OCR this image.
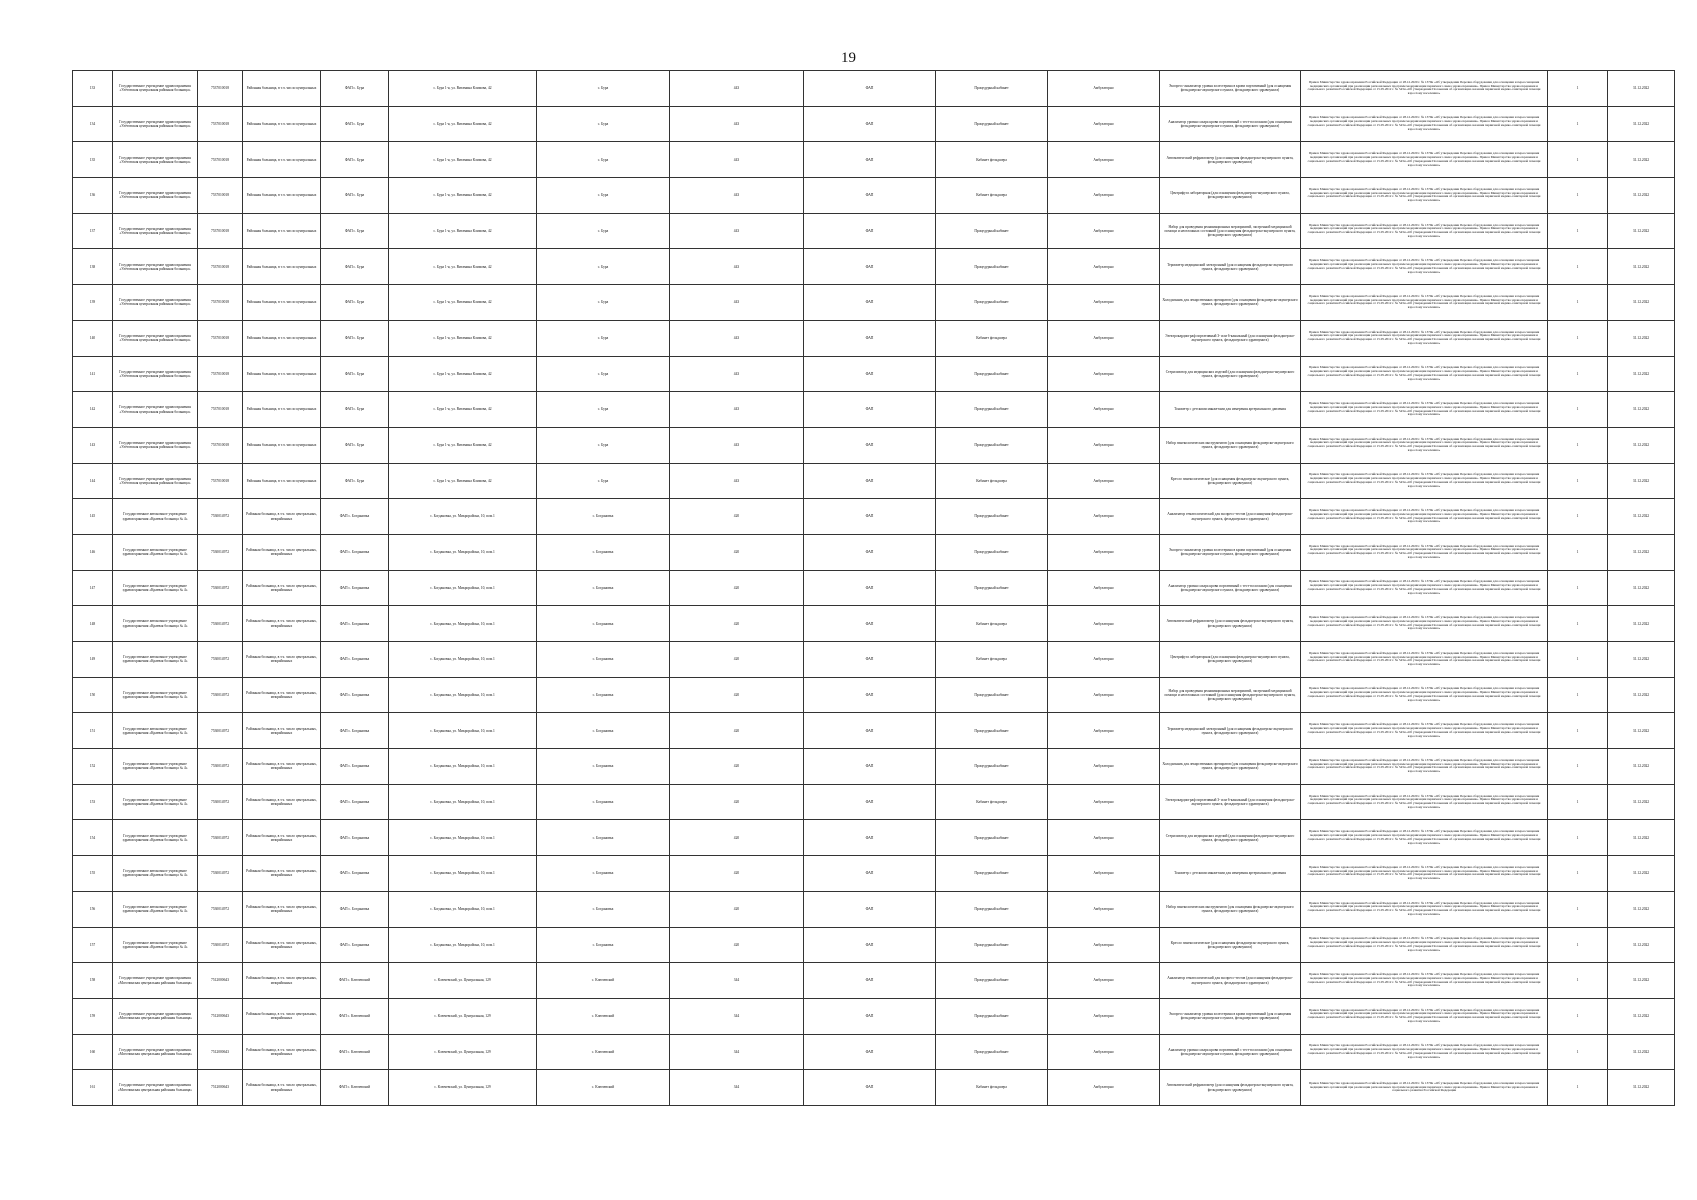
19
133	Государственное учреждение здравоохранения «Улётовская центральная районная больница»	7537010018	Районная больница, в т.ч. число центральных	ФАП с. Бура	с. Бура 1-я, ул. Витамина Климова, 42	с. Бура	443	ФАП	Процедурный кабинет	Амбулаторно	Экспресс-анализатор уровня холестерина в крови портативный (для оснащения фельдшерско-акушерского пункта, фельдшерского здравпункта)	Приказ Министерства здравоохранения Российской Федерации от 28.12.2020 г. № 1379н «Об утверждении Перечня оборудования для оснащения и переоснащения медицинских организаций при реализации региональных программ модернизации первичного звена здравоохранения». Приказ Министерства здравоохранения и социального развития Российской Федерации от 15.05.2012 г. № 543н «Об утверждении Положения об организации оказания первичной медико-санитарной помощи взрослому населению»	1	31.12.2022
134	Государственное учреждение здравоохранения «Улётовская центральная районная больница»	7537010018	Районная больница, в т.ч. число центральных	ФАП с. Бура	с. Бура 1-я, ул. Витамина Климова, 42	с. Бура	443	ФАП	Процедурный кабинет	Амбулаторно	Анализатор уровня сахара крови портативный с тест-полосками (для оснащения фельдшерско-акушерского пункта, фельдшерского здравпункта)	Приказ Министерства здравоохранения Российской Федерации от 28.12.2020 г. № 1379н «Об утверждении Перечня оборудования для оснащения и переоснащения медицинских организаций при реализации региональных программ модернизации первичного звена здравоохранения». Приказ Министерства здравоохранения и социального развития Российской Федерации от 15.05.2012 г. № 543н «Об утверждении Положения об организации оказания первичной медико-санитарной помощи взрослому населению»	1	31.12.2022
135	Государственное учреждение здравоохранения «Улётовская центральная районная больница»	7537010018	Районная больница, в т.ч. число центральных	ФАП с. Бура	с. Бура 1-я, ул. Витамина Климова, 42	с. Бура	443	ФАП	Кабинет фельдшера	Амбулаторно	Автоматический рефрактометр (для оснащения фельдшерско-акушерского пункта, фельдшерского здравпункта)	Приказ Министерства здравоохранения Российской Федерации от 28.12.2020 г. № 1379н «Об утверждении Перечня оборудования для оснащения и переоснащения медицинских организаций при реализации региональных программ модернизации первичного звена здравоохранения». Приказ Министерства здравоохранения и социального развития Российской Федерации от 15.05.2012 г. № 543н «Об утверждении Положения об организации оказания первичной медико-санитарной помощи взрослому населению»	1	31.12.2022
136	Государственное учреждение здравоохранения «Улётовская центральная районная больница»	7537010018	Районная больница, в т.ч. число центральных	ФАП с. Бура	с. Бура 1-я, ул. Витамина Климова, 42	с. Бура	443	ФАП	Кабинет фельдшера	Амбулаторно	Центрифуга лабораторная (для оснащения фельдшерско-акушерского пункта, фельдшерского здравпункта)	Приказ Министерства здравоохранения Российской Федерации от 28.12.2020 г. № 1379н «Об утверждении Перечня оборудования для оснащения и переоснащения медицинских организаций при реализации региональных программ модернизации первичного звена здравоохранения». Приказ Министерства здравоохранения и социального развития Российской Федерации от 15.05.2012 г. № 543н «Об утверждении Положения об организации оказания первичной медико-санитарной помощи взрослому населению»	1	31.12.2022
137	Государственное учреждение здравоохранения «Улётовская центральная районная больница»	7537010018	Районная больница, в т.ч. число центральных	ФАП с. Бура	с. Бура 1-я, ул. Витамина Климова, 42	с. Бура	443	ФАП	Процедурный кабинет	Амбулаторно	Набор для проведения реанимационных мероприятий, экстренной медицинской помощи и неотложных состояний (для оснащения фельдшерско-акушерского пункта, фельдшерского здравпункта)	Приказ Министерства здравоохранения Российской Федерации от 28.12.2020 г. № 1379н «Об утверждении Перечня оборудования для оснащения и переоснащения медицинских организаций при реализации региональных программ модернизации первичного звена здравоохранения». Приказ Министерства здравоохранения и социального развития Российской Федерации от 15.05.2012 г. № 543н «Об утверждении Положения об организации оказания первичной медико-санитарной помощи взрослому населению»	1	31.12.2022
138	Государственное учреждение здравоохранения «Улётовская центральная районная больница»	7537010018	Районная больница, в т.ч. число центральных	ФАП с. Бура	с. Бура 1-я, ул. Витамина Климова, 42	с. Бура	443	ФАП	Процедурный кабинет	Амбулаторно	Термометр медицинский электронный (для оснащения фельдшерско-акушерского пункта, фельдшерского здравпункта)	Приказ Министерства здравоохранения Российской Федерации от 28.12.2020 г. № 1379н «Об утверждении Перечня оборудования для оснащения и переоснащения медицинских организаций при реализации региональных программ модернизации первичного звена здравоохранения». Приказ Министерства здравоохранения и социального развития Российской Федерации от 15.05.2012 г. № 543н «Об утверждении Положения об организации оказания первичной медико-санитарной помощи взрослому населению»	1	31.12.2022
139	Государственное учреждение здравоохранения «Улётовская центральная районная больница»	7537010018	Районная больница, в т.ч. число центральных	ФАП с. Бура	с. Бура 1-я, ул. Витамина Климова, 42	с. Бура	443	ФАП	Процедурный кабинет	Амбулаторно	Холодильник для лекарственных препаратов (для оснащения фельдшерско-акушерского пункта, фельдшерского здравпункта)	Приказ Министерства здравоохранения Российской Федерации от 28.12.2020 г. № 1379н «Об утверждении Перечня оборудования для оснащения и переоснащения медицинских организаций при реализации региональных программ модернизации первичного звена здравоохранения». Приказ Министерства здравоохранения и социального развития Российской Федерации от 15.05.2012 г. № 543н «Об утверждении Положения об организации оказания первичной медико-санитарной помощи взрослому населению»	1	31.12.2022
140	Государственное учреждение здравоохранения «Улётовская центральная районная больница»	7537010018	Районная больница, в т.ч. число центральных	ФАП с. Бура	с. Бура 1-я, ул. Витамина Климова, 42	с. Бура	443	ФАП	Кабинет фельдшера	Амбулаторно	Электрокардиограф портативный 3- или 6-канальный (для оснащения фельдшерско-акушерского пункта, фельдшерского здравпункта)	Приказ Министерства здравоохранения Российской Федерации от 28.12.2020 г. № 1379н «Об утверждении Перечня оборудования для оснащения и переоснащения медицинских организаций при реализации региональных программ модернизации первичного звена здравоохранения». Приказ Министерства здравоохранения и социального развития Российской Федерации от 15.05.2012 г. № 543н «Об утверждении Положения об организации оказания первичной медико-санитарной помощи взрослому населению»	1	31.12.2022
141	Государственное учреждение здравоохранения «Улётовская центральная районная больница»	7537010018	Районная больница, в т.ч. число центральных	ФАП с. Бура	с. Бура 1-я, ул. Витамина Климова, 42	с. Бура	443	ФАП	Процедурный кабинет	Амбулаторно	Стерилизатор для медицинских изделий (для оснащения фельдшерско-акушерского пункта, фельдшерского здравпункта)	Приказ Министерства здравоохранения Российской Федерации от 28.12.2020 г. № 1379н «Об утверждении Перечня оборудования для оснащения и переоснащения медицинских организаций при реализации региональных программ модернизации первичного звена здравоохранения». Приказ Министерства здравоохранения и социального развития Российской Федерации от 15.05.2012 г. № 543н «Об утверждении Положения об организации оказания первичной медико-санитарной помощи взрослому населению»	1	31.12.2022
142	Государственное учреждение здравоохранения «Улётовская центральная районная больница»	7537010018	Районная больница, в т.ч. число центральных	ФАП с. Бура	с. Бура 1-я, ул. Витамина Климова, 42	с. Бура	443	ФАП	Процедурный кабинет	Амбулаторно	Тонометр с детскими манжетами для измерения артериального давления	Приказ Министерства здравоохранения Российской Федерации от 28.12.2020 г. № 1379н «Об утверждении Перечня оборудования для оснащения и переоснащения медицинских организаций при реализации региональных программ модернизации первичного звена здравоохранения». Приказ Министерства здравоохранения и социального развития Российской Федерации от 15.05.2012 г. № 543н «Об утверждении Положения об организации оказания первичной медико-санитарной помощи взрослому населению»	1	31.12.2022
143	Государственное учреждение здравоохранения «Улётовская центральная районная больница»	7537010018	Районная больница, в т.ч. число центральных	ФАП с. Бура	с. Бура 1-я, ул. Витамина Климова, 42	с. Бура	443	ФАП	Процедурный кабинет	Амбулаторно	Набор гинекологических инструментов (для оснащения фельдшерско-акушерского пункта, фельдшерского здравпункта)	Приказ Министерства здравоохранения Российской Федерации от 28.12.2020 г. № 1379н «Об утверждении Перечня оборудования для оснащения и переоснащения медицинских организаций при реализации региональных программ модернизации первичного звена здравоохранения». Приказ Министерства здравоохранения и социального развития Российской Федерации от 15.05.2012 г. № 543н «Об утверждении Положения об организации оказания первичной медико-санитарной помощи взрослому населению»	1	31.12.2022
144	Государственное учреждение здравоохранения «Улётовская центральная районная больница»	7537010018	Районная больница, в т.ч. число центральных	ФАП с. Бура	с. Бура 1-я, ул. Витамина Климова, 42	с. Бура	443	ФАП	Кабинет фельдшера	Амбулаторно	Кресло гинекологическое (для оснащения фельдшерско-акушерского пункта, фельдшерского здравпункта)	Приказ Министерства здравоохранения Российской Федерации от 28.12.2020 г. № 1379н «Об утверждении Перечня оборудования для оснащения и переоснащения медицинских организаций при реализации региональных программ модернизации первичного звена здравоохранения». Приказ Министерства здравоохранения и социального развития Российской Федерации от 15.05.2012 г. № 543н «Об утверждении Положения об организации оказания первичной медико-санитарной помощи взрослому населению»	1	31.12.2022
145	Государственное автономное учреждение здравоохранения «Краевая больница № 4»	7530014972	Районная больница, в т.ч. число центральных, межрайонных	ФАП с. Богдановка	с. Богдановка, ул. Микрорайона, 10, пом.1	с. Богдановка	420	ФАП	Процедурный кабинет	Амбулаторно	Анализатор гематологический для экспресс-тестов (для оснащения фельдшерско-акушерского пункта, фельдшерского здравпункта)	Приказ Министерства здравоохранения Российской Федерации от 28.12.2020 г. № 1379н «Об утверждении Перечня оборудования для оснащения и переоснащения медицинских организаций при реализации региональных программ модернизации первичного звена здравоохранения». Приказ Министерства здравоохранения и социального развития Российской Федерации от 15.05.2012 г. № 543н «Об утверждении Положения об организации оказания первичной медико-санитарной помощи взрослому населению»	1	31.12.2022
146	Государственное автономное учреждение здравоохранения «Краевая больница № 4»	7530014972	Районная больница, в т.ч. число центральных, межрайонных	ФАП с. Богдановка	с. Богдановка, ул. Микрорайона, 10, пом.1	с. Богдановка	420	ФАП	Процедурный кабинет	Амбулаторно	Экспресс-анализатор уровня холестерина в крови портативный (для оснащения фельдшерско-акушерского пункта, фельдшерского здравпункта)	Приказ Министерства здравоохранения Российской Федерации от 28.12.2020 г. № 1379н «Об утверждении Перечня оборудования для оснащения и переоснащения медицинских организаций при реализации региональных программ модернизации первичного звена здравоохранения». Приказ Министерства здравоохранения и социального развития Российской Федерации от 15.05.2012 г. № 543н «Об утверждении Положения об организации оказания первичной медико-санитарной помощи взрослому населению»	1	31.12.2022
147	Государственное автономное учреждение здравоохранения «Краевая больница № 4»	7530014972	Районная больница, в т.ч. число центральных, межрайонных	ФАП с. Богдановка	с. Богдановка, ул. Микрорайона, 10, пом.1	с. Богдановка	420	ФАП	Процедурный кабинет	Амбулаторно	Анализатор уровня сахара крови портативный с тест-полосками (для оснащения фельдшерско-акушерского пункта, фельдшерского здравпункта)	Приказ Министерства здравоохранения Российской Федерации от 28.12.2020 г. № 1379н «Об утверждении Перечня оборудования для оснащения и переоснащения медицинских организаций при реализации региональных программ модернизации первичного звена здравоохранения». Приказ Министерства здравоохранения и социального развития Российской Федерации от 15.05.2012 г. № 543н «Об утверждении Положения об организации оказания первичной медико-санитарной помощи взрослому населению»	1	31.12.2022
148	Государственное автономное учреждение здравоохранения «Краевая больница № 4»	7530014972	Районная больница, в т.ч. число центральных, межрайонных	ФАП с. Богдановка	с. Богдановка, ул. Микрорайона, 10, пом.1	с. Богдановка	420	ФАП	Кабинет фельдшера	Амбулаторно	Автоматический рефрактометр (для оснащения фельдшерско-акушерского пункта, фельдшерского здравпункта)	Приказ Министерства здравоохранения Российской Федерации от 28.12.2020 г. № 1379н «Об утверждении Перечня оборудования для оснащения и переоснащения медицинских организаций при реализации региональных программ модернизации первичного звена здравоохранения». Приказ Министерства здравоохранения и социального развития Российской Федерации от 15.05.2012 г. № 543н «Об утверждении Положения об организации оказания первичной медико-санитарной помощи взрослому населению»	1	31.12.2022
149	Государственное автономное учреждение здравоохранения «Краевая больница № 4»	7530014972	Районная больница, в т.ч. число центральных, межрайонных	ФАП с. Богдановка	с. Богдановка, ул. Микрорайона, 10, пом.1	с. Богдановка	420	ФАП	Кабинет фельдшера	Амбулаторно	Центрифуга лабораторная (для оснащения фельдшерско-акушерского пункта, фельдшерского здравпункта)	Приказ Министерства здравоохранения Российской Федерации от 28.12.2020 г. № 1379н «Об утверждении Перечня оборудования для оснащения и переоснащения медицинских организаций при реализации региональных программ модернизации первичного звена здравоохранения». Приказ Министерства здравоохранения и социального развития Российской Федерации от 15.05.2012 г. № 543н «Об утверждении Положения об организации оказания первичной медико-санитарной помощи взрослому населению»	1	31.12.2022
150	Государственное автономное учреждение здравоохранения «Краевая больница № 4»	7530014972	Районная больница, в т.ч. число центральных, межрайонных	ФАП с. Богдановка	с. Богдановка, ул. Микрорайона, 10, пом.1	с. Богдановка	420	ФАП	Процедурный кабинет	Амбулаторно	Набор для проведения реанимационных мероприятий, экстренной медицинской помощи и неотложных состояний (для оснащения фельдшерско-акушерского пункта, фельдшерского здравпункта)	Приказ Министерства здравоохранения Российской Федерации от 28.12.2020 г. № 1379н «Об утверждении Перечня оборудования для оснащения и переоснащения медицинских организаций при реализации региональных программ модернизации первичного звена здравоохранения». Приказ Министерства здравоохранения и социального развития Российской Федерации от 15.05.2012 г. № 543н «Об утверждении Положения об организации оказания первичной медико-санитарной помощи взрослому населению»	1	31.12.2022
151	Государственное автономное учреждение здравоохранения «Краевая больница № 4»	7530014972	Районная больница, в т.ч. число центральных, межрайонных	ФАП с. Богдановка	с. Богдановка, ул. Микрорайона, 10, пом.1	с. Богдановка	420	ФАП	Процедурный кабинет	Амбулаторно	Термометр медицинский электронный (для оснащения фельдшерско-акушерского пункта, фельдшерского здравпункта)	Приказ Министерства здравоохранения Российской Федерации от 28.12.2020 г. № 1379н «Об утверждении Перечня оборудования для оснащения и переоснащения медицинских организаций при реализации региональных программ модернизации первичного звена здравоохранения». Приказ Министерства здравоохранения и социального развития Российской Федерации от 15.05.2012 г. № 543н «Об утверждении Положения об организации оказания первичной медико-санитарной помощи взрослому населению»	1	31.12.2022
152	Государственное автономное учреждение здравоохранения «Краевая больница № 4»	7530014972	Районная больница, в т.ч. число центральных, межрайонных	ФАП с. Богдановка	с. Богдановка, ул. Микрорайона, 10, пом.1	с. Богдановка	420	ФАП	Процедурный кабинет	Амбулаторно	Холодильник для лекарственных препаратов (для оснащения фельдшерско-акушерского пункта, фельдшерского здравпункта)	Приказ Министерства здравоохранения Российской Федерации от 28.12.2020 г. № 1379н «Об утверждении Перечня оборудования для оснащения и переоснащения медицинских организаций при реализации региональных программ модернизации первичного звена здравоохранения». Приказ Министерства здравоохранения и социального развития Российской Федерации от 15.05.2012 г. № 543н «Об утверждении Положения об организации оказания первичной медико-санитарной помощи взрослому населению»	1	31.12.2022
153	Государственное автономное учреждение здравоохранения «Краевая больница № 4»	7530014972	Районная больница, в т.ч. число центральных, межрайонных	ФАП с. Богдановка	с. Богдановка, ул. Микрорайона, 10, пом.1	с. Богдановка	420	ФАП	Кабинет фельдшера	Амбулаторно	Электрокардиограф портативный 3- или 6-канальный (для оснащения фельдшерско-акушерского пункта, фельдшерского здравпункта)	Приказ Министерства здравоохранения Российской Федерации от 28.12.2020 г. № 1379н «Об утверждении Перечня оборудования для оснащения и переоснащения медицинских организаций при реализации региональных программ модернизации первичного звена здравоохранения». Приказ Министерства здравоохранения и социального развития Российской Федерации от 15.05.2012 г. № 543н «Об утверждении Положения об организации оказания первичной медико-санитарной помощи взрослому населению»	1	31.12.2022
154	Государственное автономное учреждение здравоохранения «Краевая больница № 4»	7530014972	Районная больница, в т.ч. число центральных, межрайонных	ФАП с. Богдановка	с. Богдановка, ул. Микрорайона, 10, пом.1	с. Богдановка	420	ФАП	Процедурный кабинет	Амбулаторно	Стерилизатор для медицинских изделий (для оснащения фельдшерско-акушерского пункта, фельдшерского здравпункта)	Приказ Министерства здравоохранения Российской Федерации от 28.12.2020 г. № 1379н «Об утверждении Перечня оборудования для оснащения и переоснащения медицинских организаций при реализации региональных программ модернизации первичного звена здравоохранения». Приказ Министерства здравоохранения и социального развития Российской Федерации от 15.05.2012 г. № 543н «Об утверждении Положения об организации оказания первичной медико-санитарной помощи взрослому населению»	1	31.12.2022
155	Государственное автономное учреждение здравоохранения «Краевая больница № 4»	7530014972	Районная больница, в т.ч. число центральных, межрайонных	ФАП с. Богдановка	с. Богдановка, ул. Микрорайона, 10, пом.1	с. Богдановка	420	ФАП	Процедурный кабинет	Амбулаторно	Тонометр с детскими манжетами для измерения артериального давления	Приказ Министерства здравоохранения Российской Федерации от 28.12.2020 г. № 1379н «Об утверждении Перечня оборудования для оснащения и переоснащения медицинских организаций при реализации региональных программ модернизации первичного звена здравоохранения». Приказ Министерства здравоохранения и социального развития Российской Федерации от 15.05.2012 г. № 543н «Об утверждении Положения об организации оказания первичной медико-санитарной помощи взрослому населению»	1	31.12.2022
156	Государственное автономное учреждение здравоохранения «Краевая больница № 4»	7530014972	Районная больница, в т.ч. число центральных, межрайонных	ФАП с. Богдановка	с. Богдановка, ул. Микрорайона, 10, пом.1	с. Богдановка	420	ФАП	Процедурный кабинет	Амбулаторно	Набор гинекологических инструментов (для оснащения фельдшерско-акушерского пункта, фельдшерского здравпункта)	Приказ Министерства здравоохранения Российской Федерации от 28.12.2020 г. № 1379н «Об утверждении Перечня оборудования для оснащения и переоснащения медицинских организаций при реализации региональных программ модернизации первичного звена здравоохранения». Приказ Министерства здравоохранения и социального развития Российской Федерации от 15.05.2012 г. № 543н «Об утверждении Положения об организации оказания первичной медико-санитарной помощи взрослому населению»	1	31.12.2022
157	Государственное автономное учреждение здравоохранения «Краевая больница № 4»	7530014972	Районная больница, в т.ч. число центральных, межрайонных	ФАП с. Богдановка	с. Богдановка, ул. Микрорайона, 10, пом.1	с. Богдановка	420	ФАП	Процедурный кабинет	Амбулаторно	Кресло гинекологическое (для оснащения фельдшерско-акушерского пункта, фельдшерского здравпункта)	Приказ Министерства здравоохранения Российской Федерации от 28.12.2020 г. № 1379н «Об утверждении Перечня оборудования для оснащения и переоснащения медицинских организаций при реализации региональных программ модернизации первичного звена здравоохранения». Приказ Министерства здравоохранения и социального развития Российской Федерации от 15.05.2012 г. № 543н «Об утверждении Положения об организации оказания первичной медико-санитарной помощи взрослому населению»	1	31.12.2022
158	Государственное учреждение здравоохранения «Могочинская центральная районная больница»	7512000643	Районная больница, в т.ч. число центральных, межрайонных	ФАП с. Ключевский	с. Ключевский, ул. Центральная, 129	с. Ключевский	344	ФАП	Процедурный кабинет	Амбулаторно	Анализатор гематологический для экспресс-тестов (для оснащения фельдшерско-акушерского пункта, фельдшерского здравпункта)	Приказ Министерства здравоохранения Российской Федерации от 28.12.2020 г. № 1379н «Об утверждении Перечня оборудования для оснащения и переоснащения медицинских организаций при реализации региональных программ модернизации первичного звена здравоохранения». Приказ Министерства здравоохранения и социального развития Российской Федерации от 15.05.2012 г. № 543н «Об утверждении Положения об организации оказания первичной медико-санитарной помощи взрослому населению»	1	31.12.2022
159	Государственное учреждение здравоохранения «Могочинская центральная районная больница»	7512000643	Районная больница, в т.ч. число центральных, межрайонных	ФАП с. Ключевский	с. Ключевский, ул. Центральная, 129	с. Ключевский	344	ФАП	Процедурный кабинет	Амбулаторно	Экспресс-анализатор уровня холестерина в крови портативный (для оснащения фельдшерско-акушерского пункта, фельдшерского здравпункта)	Приказ Министерства здравоохранения Российской Федерации от 28.12.2020 г. № 1379н «Об утверждении Перечня оборудования для оснащения и переоснащения медицинских организаций при реализации региональных программ модернизации первичного звена здравоохранения». Приказ Министерства здравоохранения и социального развития Российской Федерации от 15.05.2012 г. № 543н «Об утверждении Положения об организации оказания первичной медико-санитарной помощи взрослому населению»	1	31.12.2022
160	Государственное учреждение здравоохранения «Могочинская центральная районная больница»	7512000643	Районная больница, в т.ч. число центральных, межрайонных	ФАП с. Ключевский	с. Ключевский, ул. Центральная, 129	с. Ключевский	344	ФАП	Процедурный кабинет	Амбулаторно	Анализатор уровня сахара крови портативный с тест-полосками (для оснащения фельдшерско-акушерского пункта, фельдшерского здравпункта)	Приказ Министерства здравоохранения Российской Федерации от 28.12.2020 г. № 1379н «Об утверждении Перечня оборудования для оснащения и переоснащения медицинских организаций при реализации региональных программ модернизации первичного звена здравоохранения». Приказ Министерства здравоохранения и социального развития Российской Федерации от 15.05.2012 г. № 543н «Об утверждении Положения об организации оказания первичной медико-санитарной помощи взрослому населению»	1	31.12.2022
161	Государственное учреждение здравоохранения «Могочинская центральная районная больница»	7512000643	Районная больница, в т.ч. число центральных, межрайонных	ФАП с. Ключевский	с. Ключевский, ул. Центральная, 129	с. Ключевский	344	ФАП	Кабинет фельдшера	Амбулаторно	Автоматический рефрактометр (для оснащения фельдшерско-акушерского пункта, фельдшерского здравпункта)	Приказ Министерства здравоохранения Российской Федерации от 28.12.2020 г. № 1379н «Об утверждении Перечня оборудования для оснащения и переоснащения медицинских организаций при реализации региональных программ модернизации первичного звена здравоохранения». Приказ Министерства здравоохранения и социального развития Российской Федерации	1	31.12.2022
